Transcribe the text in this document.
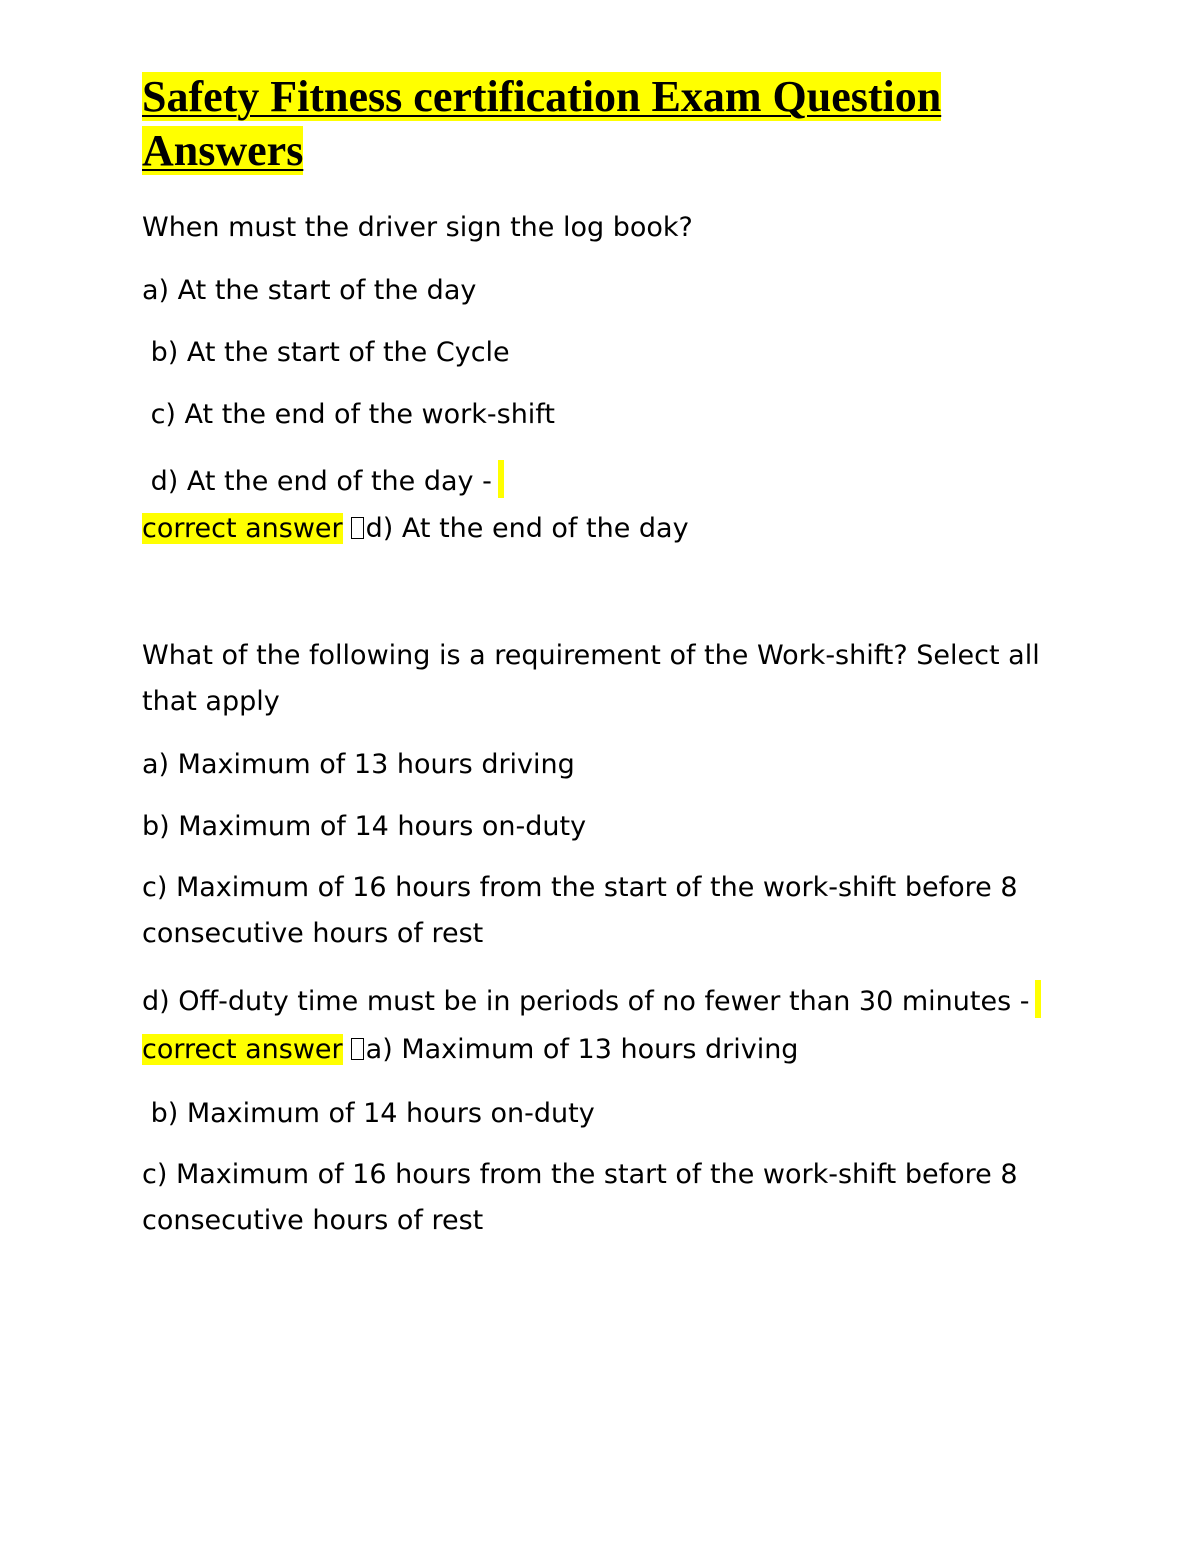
Safety Fitness certification Exam Question
Answers
When must the driver sign the log book?
a) At the start of the day
b) At the start of the Cycle
c) At the end of the work-shift
d) At the end of the day -
correct answer d) At the end of the day
What of the following is a requirement of the Work-shift? Select all that apply
a) Maximum of 13 hours driving
b) Maximum of 14 hours on-duty
c) Maximum of 16 hours from the start of the work-shift before 8 consecutive hours of rest
d) Off-duty time must be in periods of no fewer than 30 minutes -
correct answer a) Maximum of 13 hours driving
b) Maximum of 14 hours on-duty
c) Maximum of 16 hours from the start of the work-shift before 8 consecutive hours of rest
